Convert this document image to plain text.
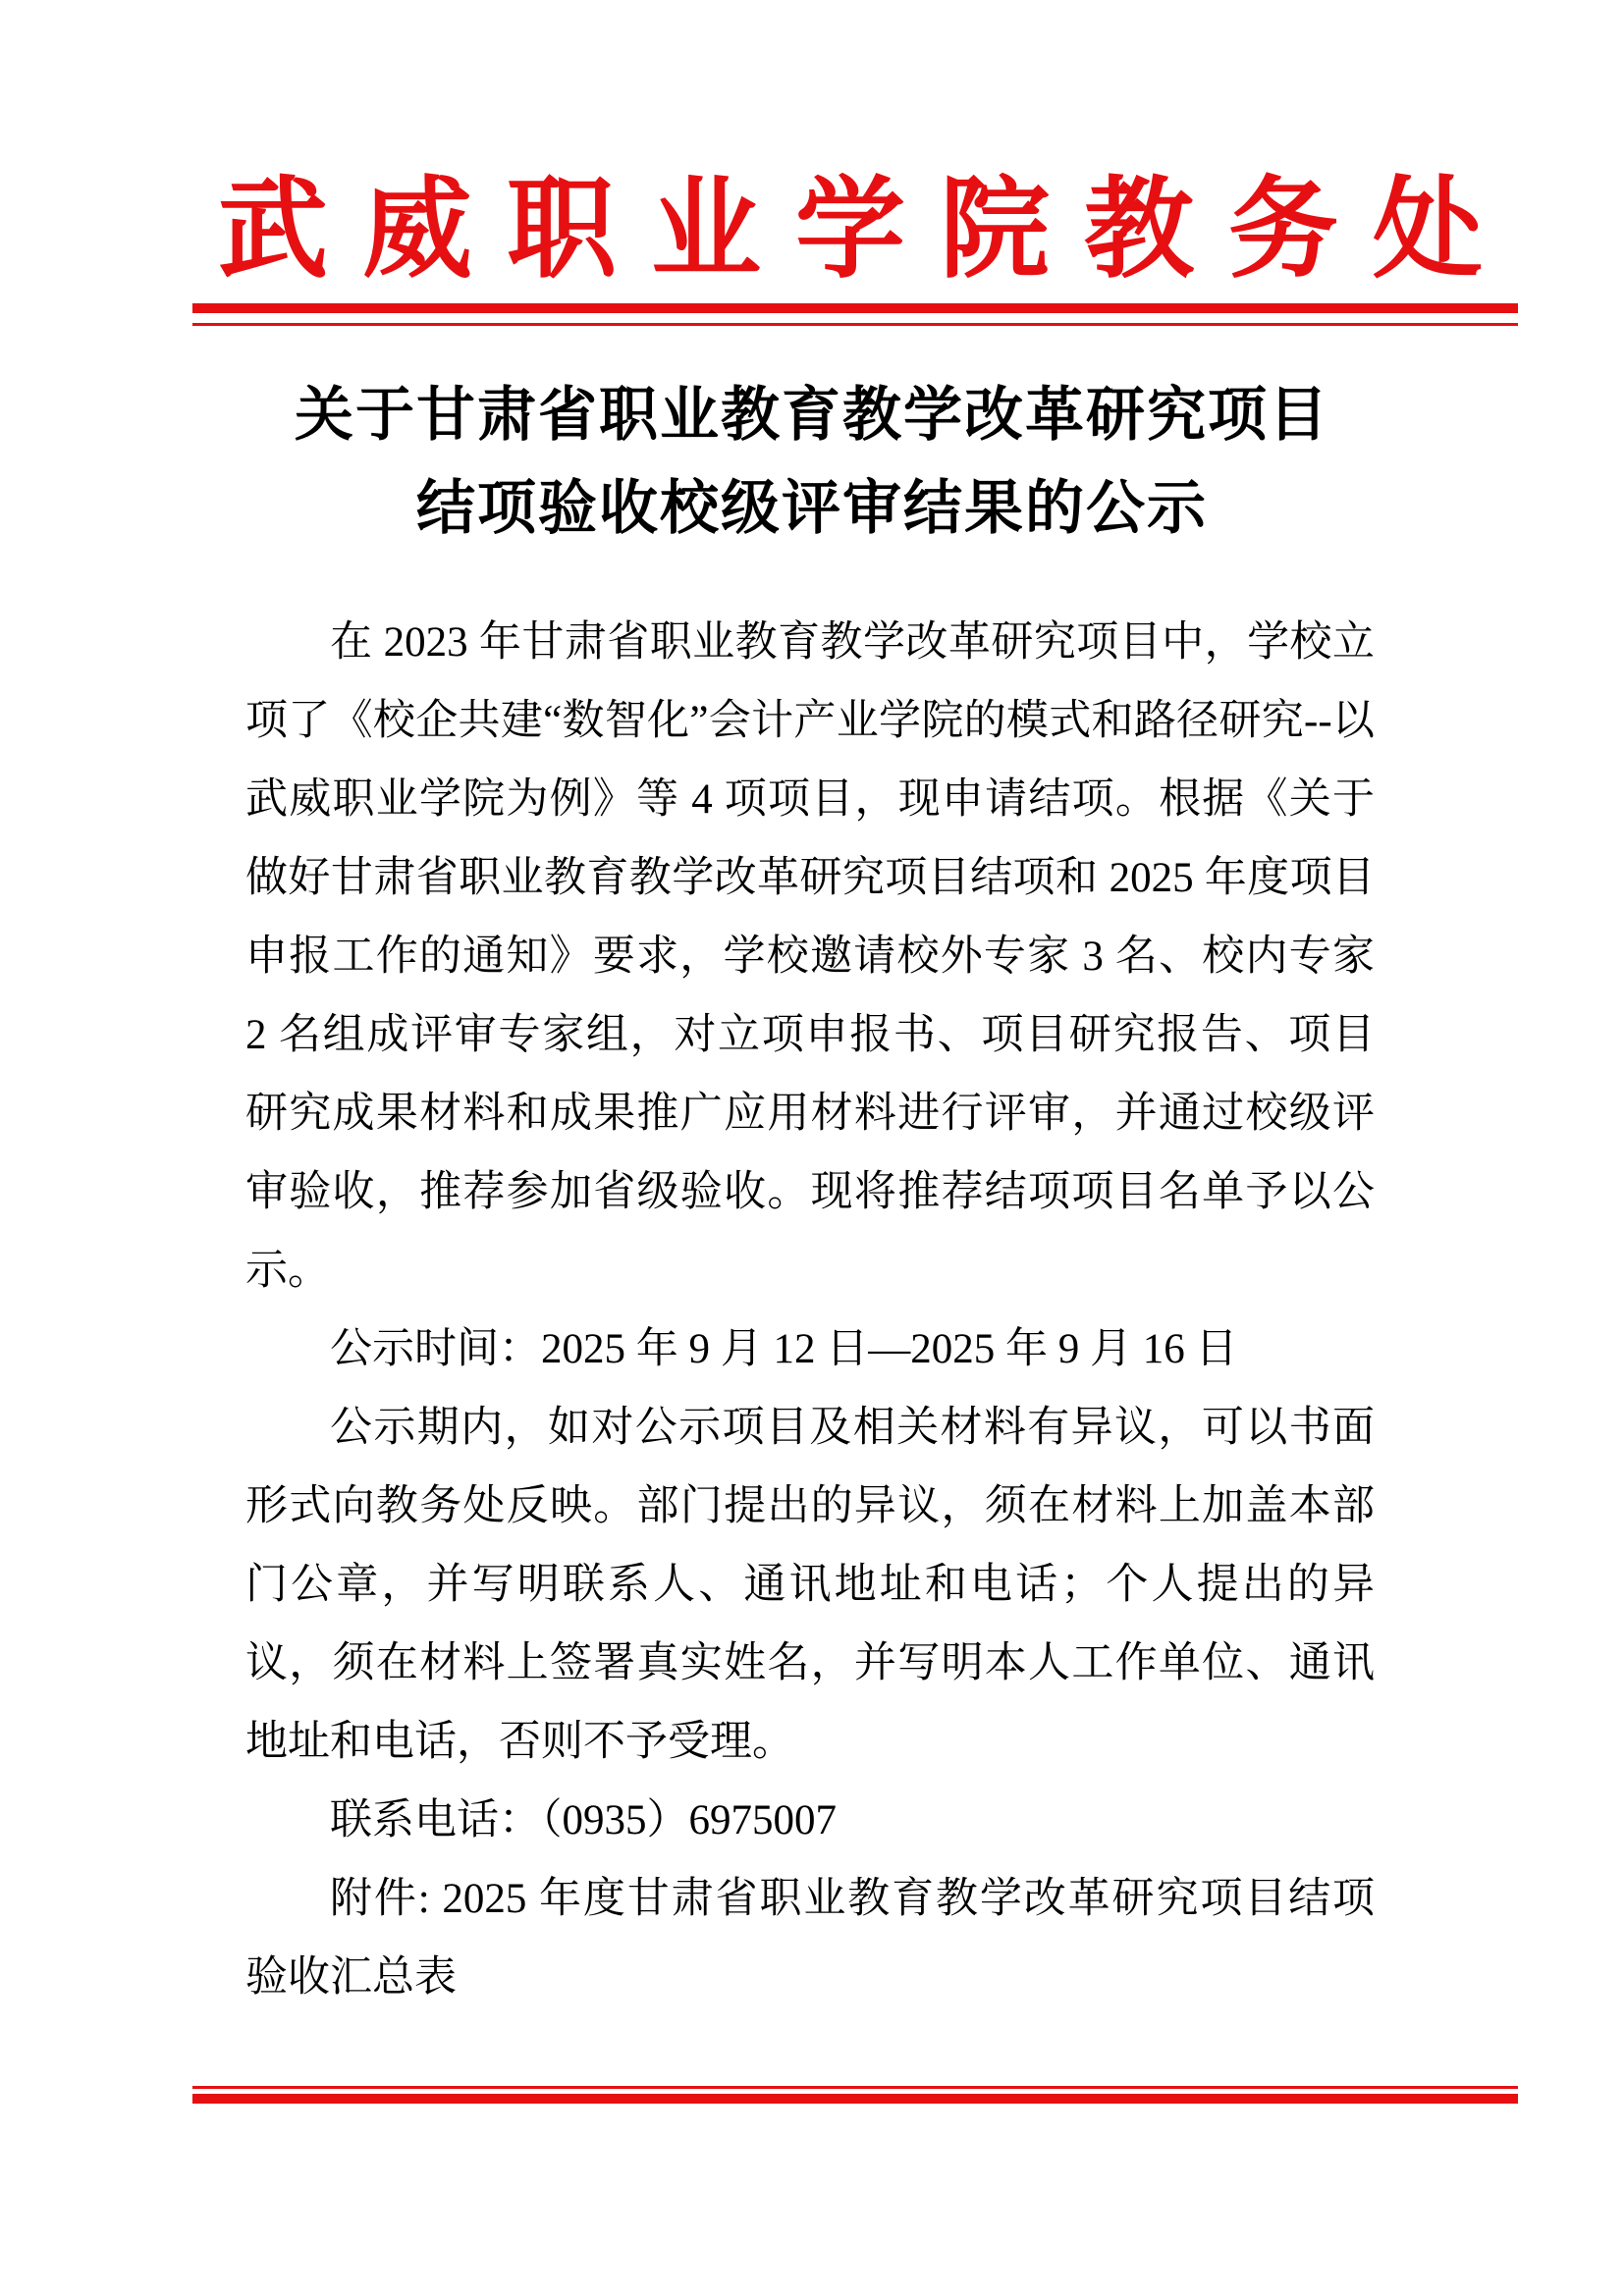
武威职业学院教务处
关于甘肃省职业教育教学改革研究项目
结项验收校级评审结果的公示

在 2023 年甘肃省职业教育教学改革研究项目中，学校立项了《校企共建“数智化”会计产业学院的模式和路径研究--以武威职业学院为例》等 4 项项目，现申请结项。根据《关于做好甘肃省职业教育教学改革研究项目结项和 2025 年度项目申报工作的通知》要求，学校邀请校外专家 3 名、校内专家 2 名组成评审专家组，对立项申报书、项目研究报告、项目研究成果材料和成果推广应用材料进行评审，并通过校级评审验收，推荐参加省级验收。现将推荐结项项目名单予以公示。

公示时间：2025 年 9 月 12 日—2025 年 9 月 16 日

公示期内，如对公示项目及相关材料有异议，可以书面形式向教务处反映。部门提出的异议，须在材料上加盖本部门公章，并写明联系人、通讯地址和电话；个人提出的异议，须在材料上签署真实姓名，并写明本人工作单位、通讯地址和电话，否则不予受理。

联系电话：（0935）6975007

附件: 2025 年度甘肃省职业教育教学改革研究项目结项验收汇总表
